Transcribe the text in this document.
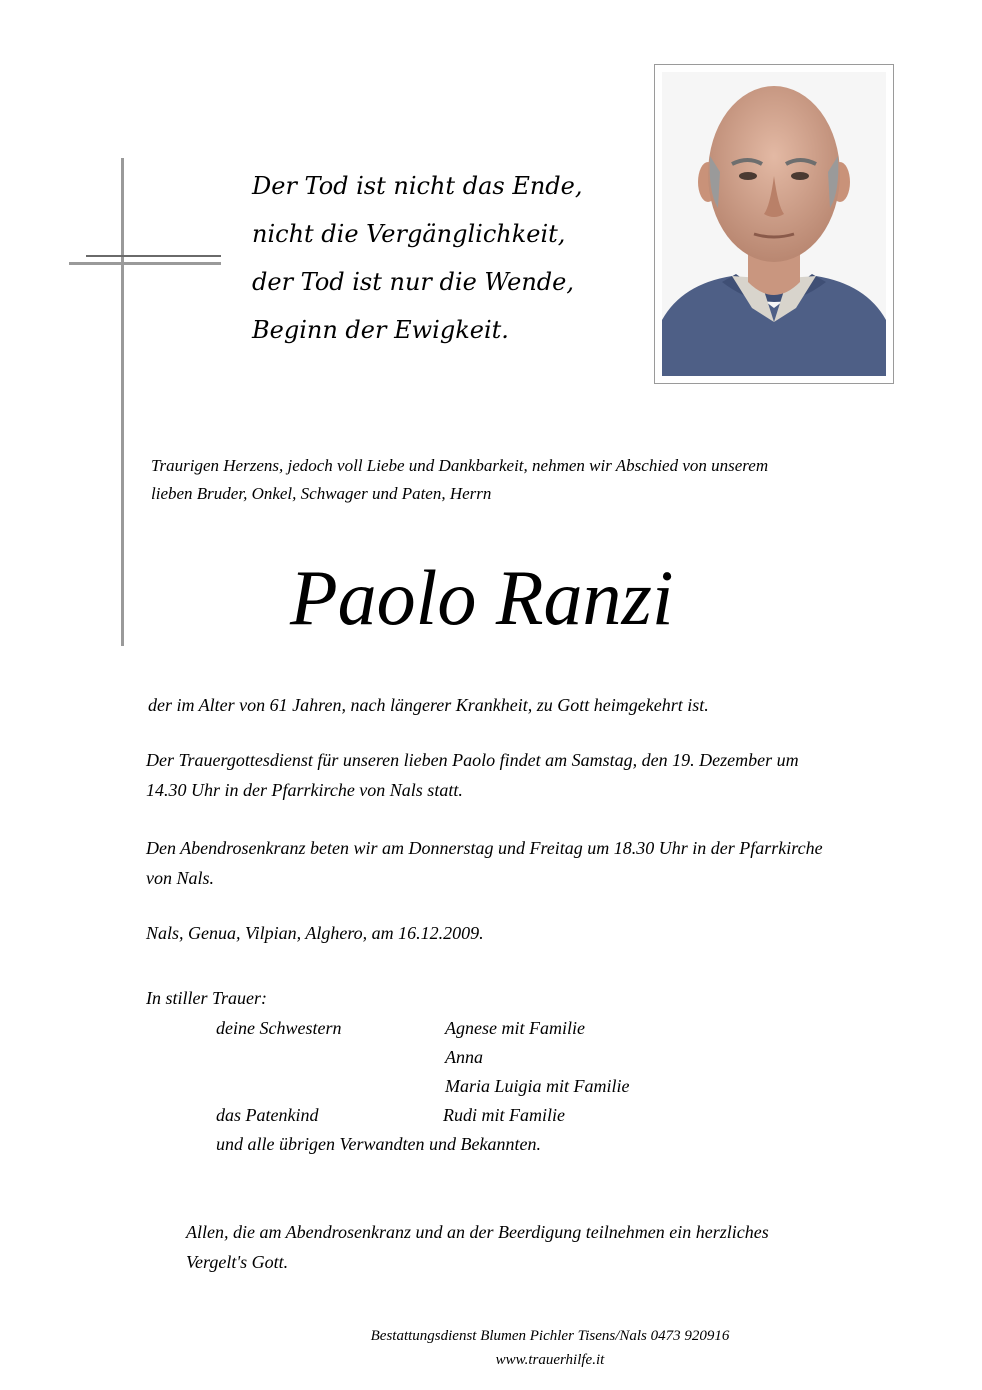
Der Tod ist nicht das Ende,
nicht die Vergänglichkeit,
der Tod ist nur die Wende,
Beginn der Ewigkeit.
Traurigen Herzens, jedoch voll Liebe und Dankbarkeit, nehmen wir Abschied von unserem
lieben Bruder, Onkel, Schwager und Paten, Herrn
Paolo Ranzi
der im Alter von 61 Jahren, nach längerer Krankheit, zu Gott heimgekehrt ist.
Der Trauergottesdienst für unseren lieben Paolo findet am Samstag, den 19. Dezember um
14.30 Uhr in der Pfarrkirche von Nals statt.
Den Abendrosenkranz beten wir am Donnerstag und Freitag um 18.30 Uhr in der Pfarrkirche
von Nals.
Nals, Genua, Vilpian, Alghero, am 16.12.2009.
In stiller Trauer:
deine Schwestern	Agnese mit Familie
Anna
Maria Luigia mit Familie
das Patenkind	Rudi mit Familie
und alle übrigen Verwandten und Bekannten.
Allen, die am Abendrosenkranz und an der Beerdigung teilnehmen ein herzliches
Vergelt's Gott.
Bestattungsdienst Blumen Pichler Tisens/Nals 0473 920916
www.trauerhilfe.it
